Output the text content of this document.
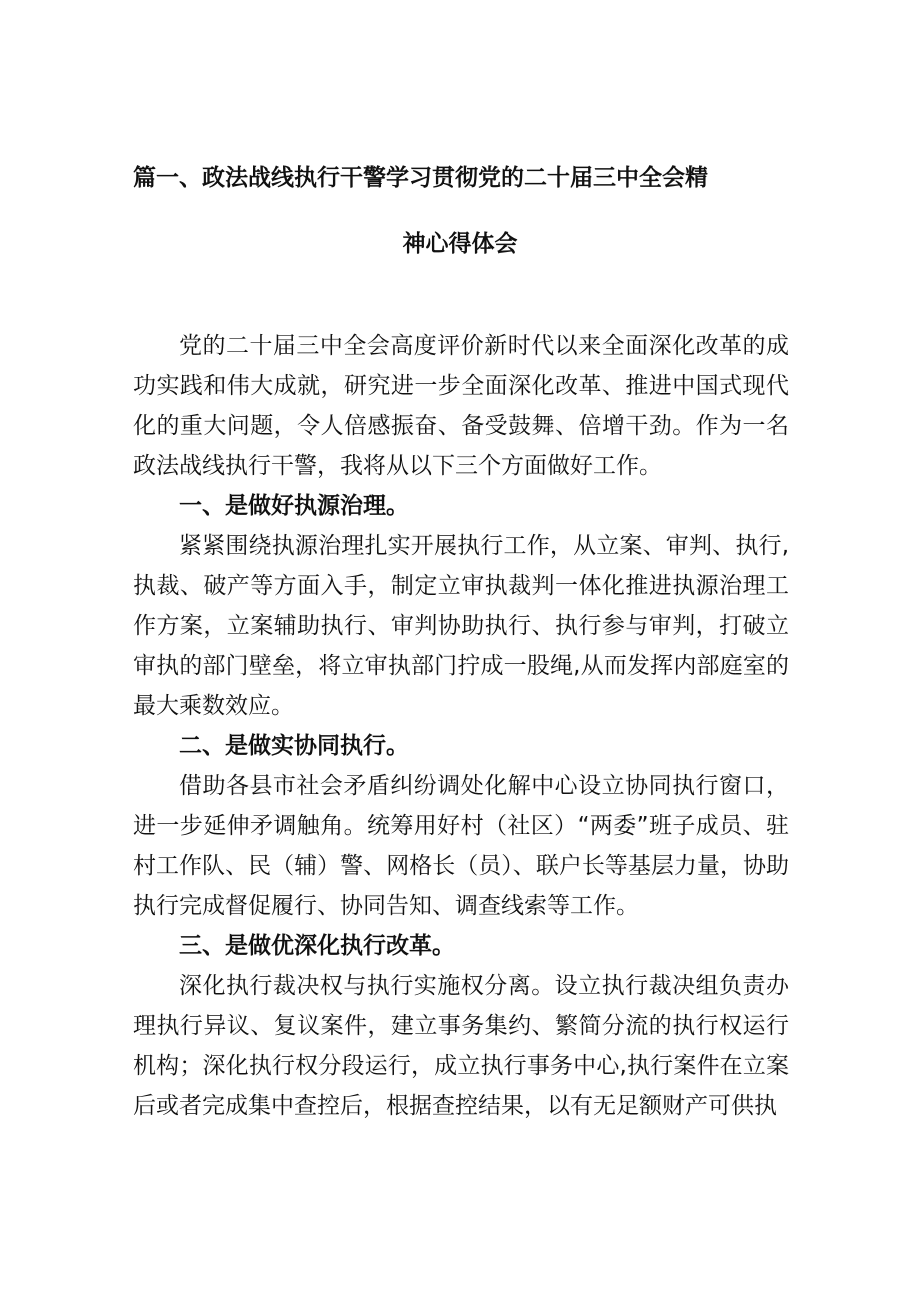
篇一、政法战线执行干警学习贯彻党的二十届三中全会精
神心得体会

党的二十届三中全会高度评价新时代以来全面深化改革的成功实践和伟大成就，研究进一步全面深化改革、推进中国式现代化的重大问题，令人倍感振奋、备受鼓舞、倍增干劲。作为一名政法战线执行干警，我将从以下三个方面做好工作。

一、是做好执源治理。

紧紧围绕执源治理扎实开展执行工作，从立案、审判、执行,执裁、破产等方面入手，制定立审执裁判一体化推进执源治理工作方案，立案辅助执行、审判协助执行、执行参与审判，打破立审执的部门壁垒，将立审执部门拧成一股绳,从而发挥内部庭室的最大乘数效应。

二、是做实协同执行。

借助各县市社会矛盾纠纷调处化解中心设立协同执行窗口，进一步延伸矛调触角。统筹用好村（社区）“两委”班子成员、驻村工作队、民（辅）警、网格长（员）、联户长等基层力量，协助执行完成督促履行、协同告知、调查线索等工作。

三、是做优深化执行改革。

深化执行裁决权与执行实施权分离。设立执行裁决组负责办理执行异议、复议案件，建立事务集约、繁简分流的执行权运行机构；深化执行权分段运行，成立执行事务中心,执行案件在立案后或者完成集中查控后，根据查控结果，以有无足额财产可供执
